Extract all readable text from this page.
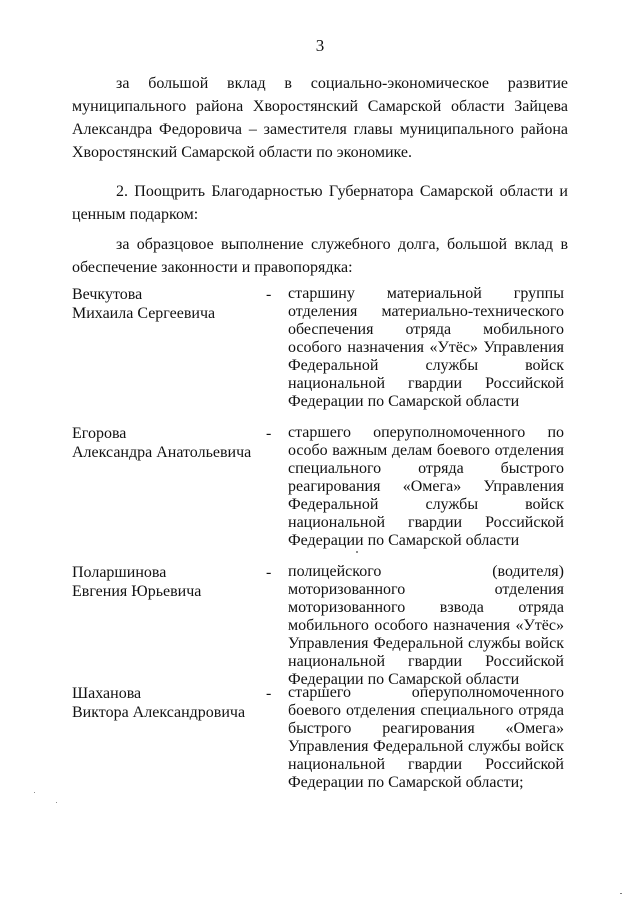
3
за большой вклад в социально-экономическое развитие
муниципального района Хворостянский Самарской области Зайцева
Александра Федоровича – заместителя главы муниципального района
Хворостянский Самарской области по экономике.
2. Поощрить Благодарностью Губернатора Самарской области и ценным подарком:
за образцовое выполнение служебного долга, большой вклад в обеспечение законности и правопорядка:
Вечкутова
Михаила Сергеевича
- старшину материальной группы отделения материально-технического обеспечения отряда мобильного особого назначения «Утёс» Управления Федеральной службы войск национальной гвардии Российской Федерации по Самарской области
Егорова
Александра Анатольевича
- старшего оперуполномоченного по особо важным делам боевого отделения специального отряда быстрого реагирования «Омега» Управления Федеральной службы войск национальной гвардии Российской Федерации по Самарской области
Поларшинова
Евгения Юрьевича
- полицейского (водителя) моторизованного отделения моторизованного взвода отряда мобильного особого назначения «Утёс» Управления Федеральной службы войск национальной гвардии Российской Федерации по Самарской области
Шаханова
Виктора Александровича
- старшего оперуполномоченного боевого отделения специального отряда быстрого реагирования «Омега» Управления Федеральной службы войск национальной гвардии Российской Федерации по Самарской области;
